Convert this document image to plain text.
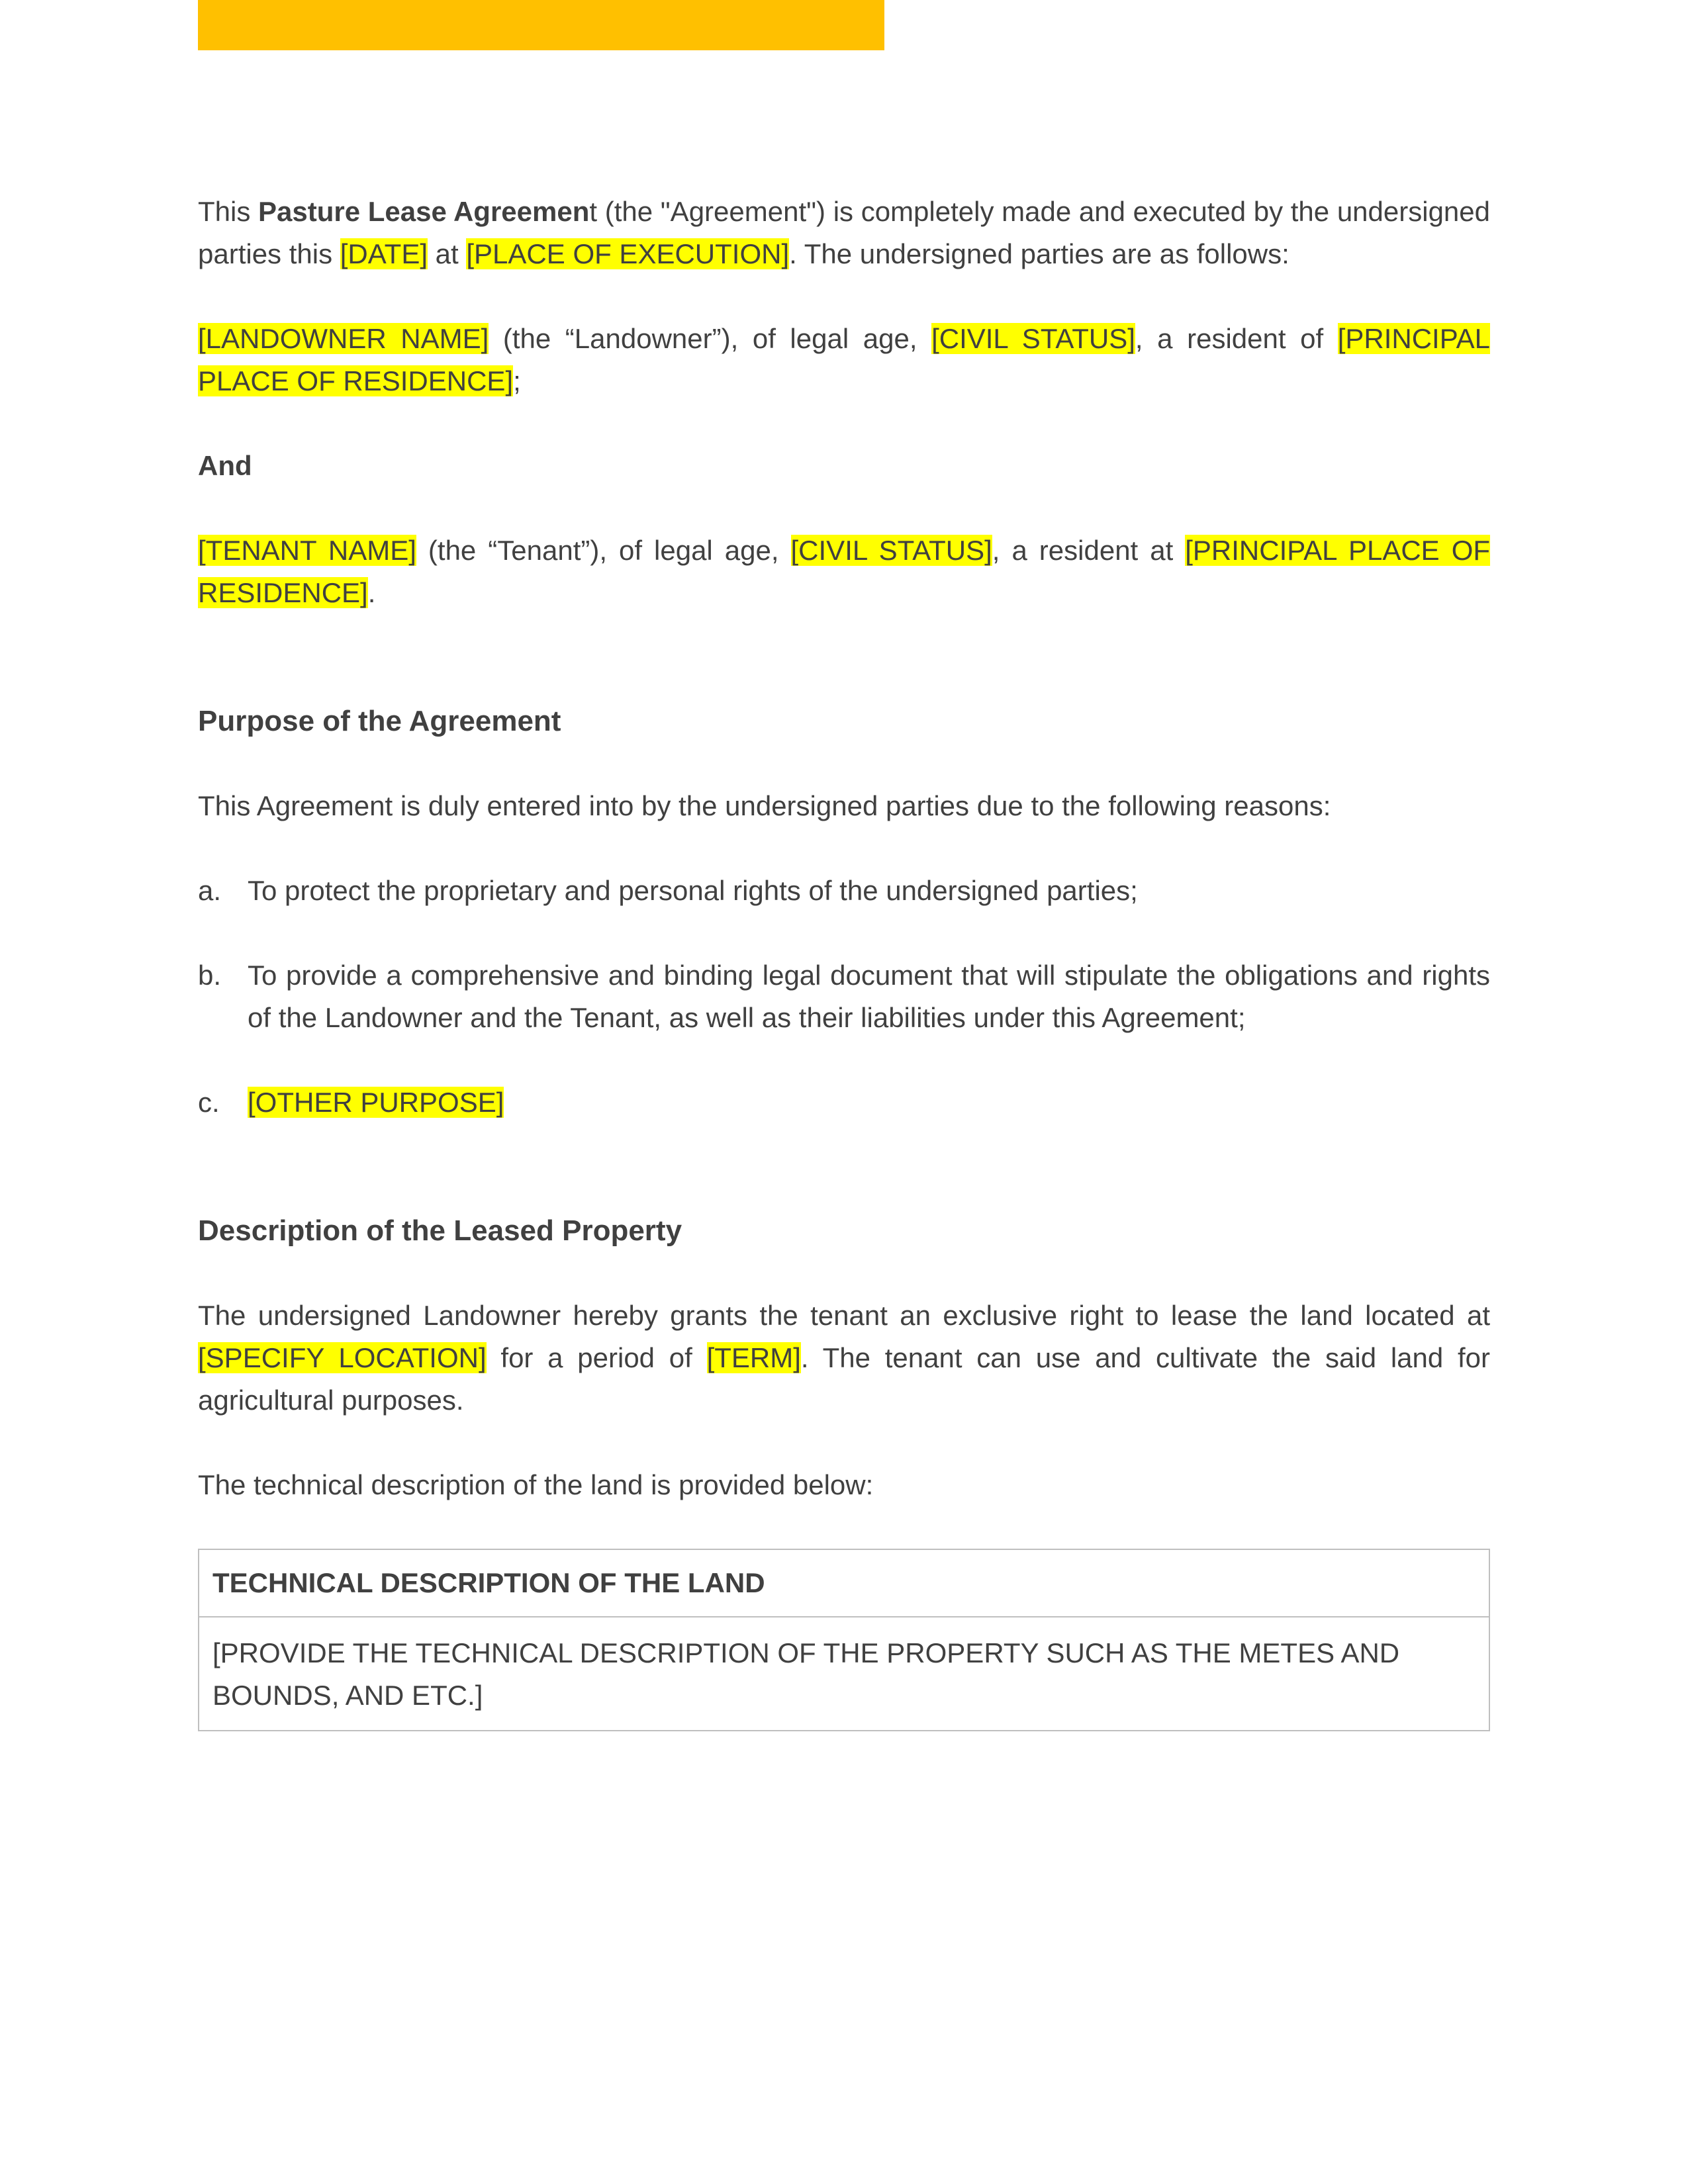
This Pasture Lease Agreement (the "Agreement") is completely made and executed by the undersigned parties this [DATE] at [PLACE OF EXECUTION]. The undersigned parties are as follows:

[LANDOWNER NAME] (the “Landowner”), of legal age, [CIVIL STATUS], a resident of [PRINCIPAL PLACE OF RESIDENCE];

And

[TENANT NAME] (the “Tenant”), of legal age, [CIVIL STATUS], a resident at [PRINCIPAL PLACE OF RESIDENCE].

Purpose of the Agreement

This Agreement is duly entered into by the undersigned parties due to the following reasons:

a. To protect the proprietary and personal rights of the undersigned parties;
b. To provide a comprehensive and binding legal document that will stipulate the obligations and rights of the Landowner and the Tenant, as well as their liabilities under this Agreement;
c.	[OTHER PURPOSE]

Description of the Leased Property

The undersigned Landowner hereby grants the tenant an exclusive right to lease the land located at [SPECIFY LOCATION] for a period of [TERM]. The tenant can use and cultivate the said land for agricultural purposes.

The technical description of the land is provided below:

TECHNICAL DESCRIPTION OF THE LAND
[PROVIDE THE TECHNICAL DESCRIPTION OF THE PROPERTY SUCH AS THE METES AND BOUNDS, AND ETC.]
